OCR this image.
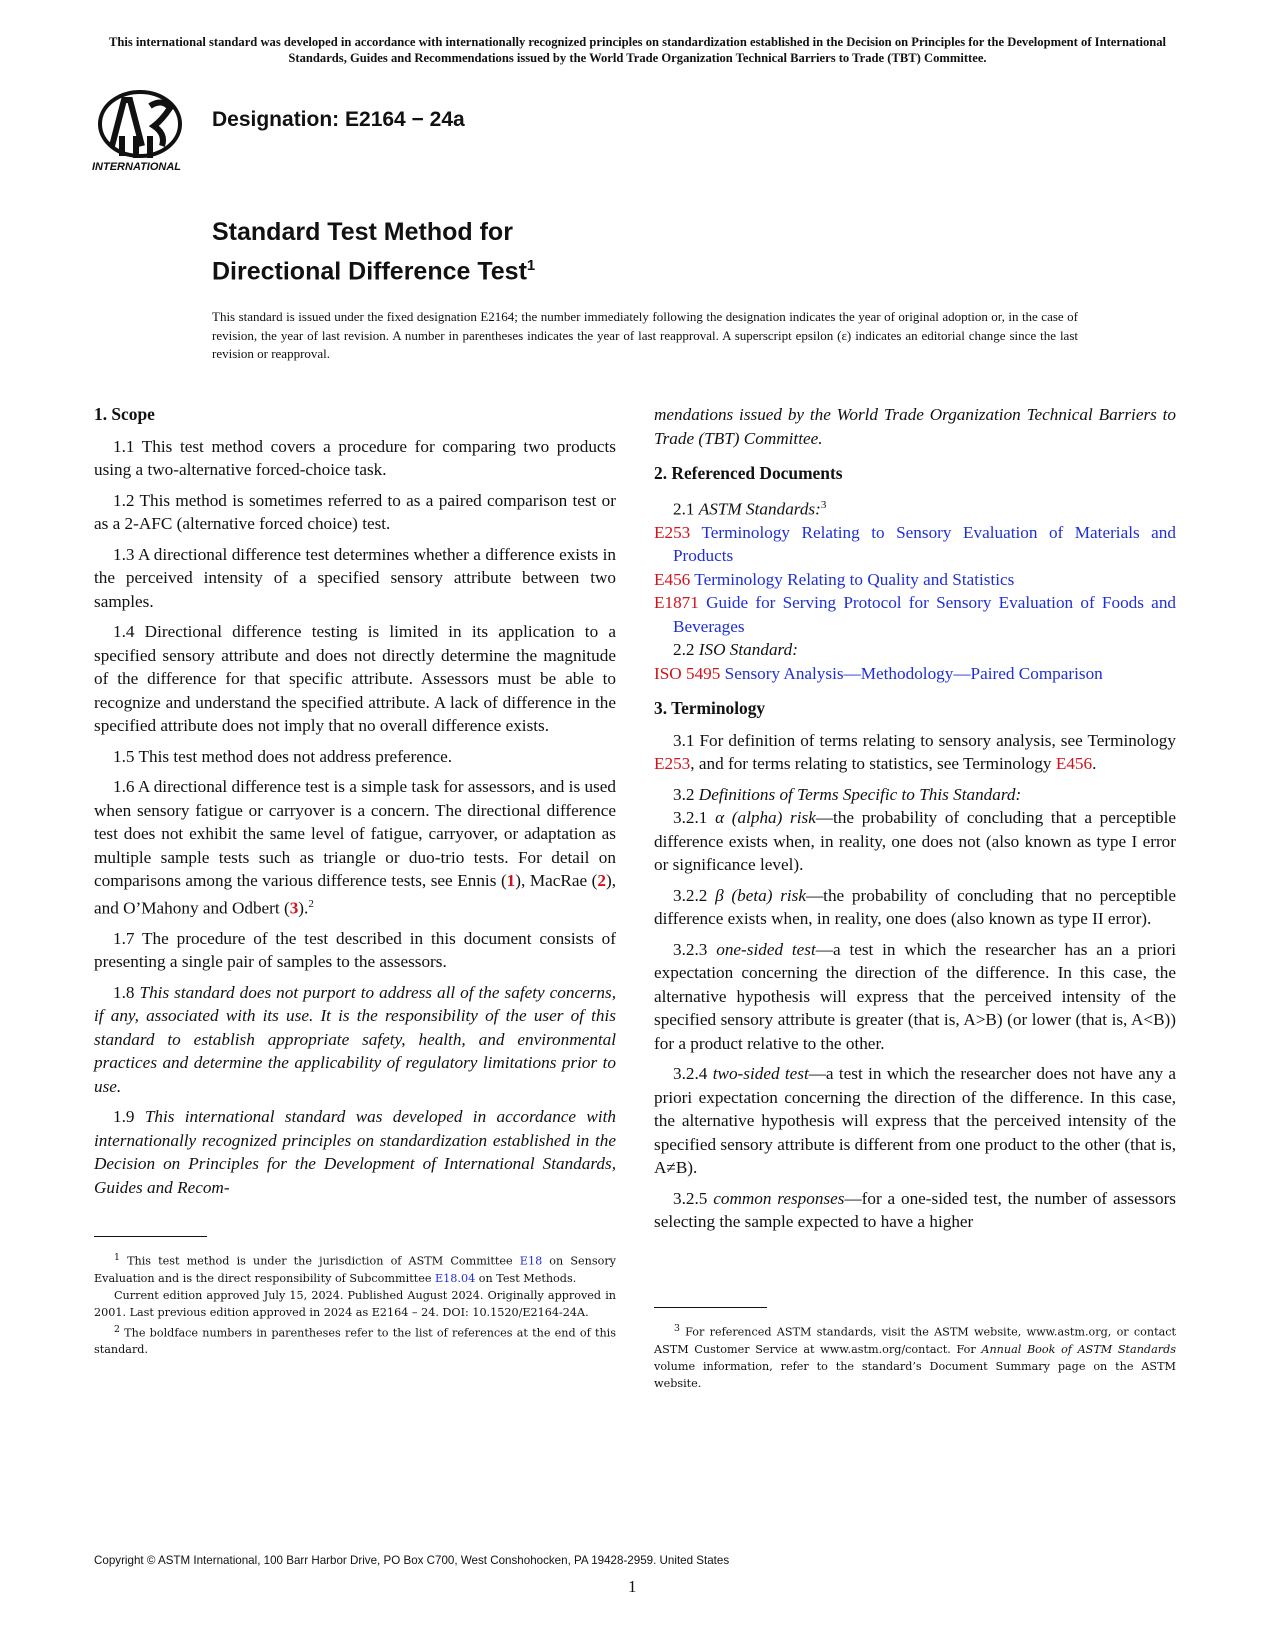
This international standard was developed in accordance with internationally recognized principles on standardization established in the Decision on Principles for the Development of International Standards, Guides and Recommendations issued by the World Trade Organization Technical Barriers to Trade (TBT) Committee.
INTERNATIONAL
Designation: E2164 − 24a
Standard Test Method for
Directional Difference Test$^1$
This standard is issued under the fixed designation E2164; the number immediately following the designation indicates the year of original adoption or, in the case of revision, the year of last revision. A number in parentheses indicates the year of last reapproval. A superscript epsilon (ε) indicates an editorial change since the last revision or reapproval.
1. Scope

1.1 This test method covers a procedure for comparing two products using a two-alternative forced-choice task.

1.2 This method is sometimes referred to as a paired comparison test or as a 2-AFC (alternative forced choice) test.

1.3 A directional difference test determines whether a difference exists in the perceived intensity of a specified sensory attribute between two samples.

1.4 Directional difference testing is limited in its application to a specified sensory attribute and does not directly determine the magnitude of the difference for that specific attribute. Assessors must be able to recognize and understand the specified attribute. A lack of difference in the specified attribute does not imply that no overall difference exists.

1.5 This test method does not address preference.

1.6 A directional difference test is a simple task for assessors, and is used when sensory fatigue or carryover is a concern. The directional difference test does not exhibit the same level of fatigue, carryover, or adaptation as multiple sample tests such as triangle or duo-trio tests. For detail on comparisons among the various difference tests, see Ennis (1), MacRae (2), and O’Mahony and Odbert (3).$^2$

1.7 The procedure of the test described in this document consists of presenting a single pair of samples to the assessors.

1.8 This standard does not purport to address all of the safety concerns, if any, associated with its use. It is the responsibility of the user of this standard to establish appropriate safety, health, and environmental practices and determine the applicability of regulatory limitations prior to use.

1.9 This international standard was developed in accordance with internationally recognized principles on standardization established in the Decision on Principles for the Development of International Standards, Guides and Recom-

$^1$ This test method is under the jurisdiction of ASTM Committee E18 on Sensory Evaluation and is the direct responsibility of Subcommittee E18.04 on Test Methods.

Current edition approved July 15, 2024. Published August 2024. Originally approved in 2001. Last previous edition approved in 2024 as E2164 – 24. DOI: 10.1520/E2164-24A.

$^2$ The boldface numbers in parentheses refer to the list of references at the end of this standard.

mendations issued by the World Trade Organization Technical Barriers to Trade (TBT) Committee.

2. Referenced Documents

2.1 ASTM Standards:$^3$

E253 Terminology Relating to Sensory Evaluation of Materials and Products

E456 Terminology Relating to Quality and Statistics

E1871 Guide for Serving Protocol for Sensory Evaluation of Foods and Beverages

2.2 ISO Standard:

ISO 5495 Sensory Analysis—Methodology—Paired Comparison

3. Terminology

3.1 For definition of terms relating to sensory analysis, see Terminology E253, and for terms relating to statistics, see Terminology E456.

3.2 Definitions of Terms Specific to This Standard:

3.2.1 α (alpha) risk—the probability of concluding that a perceptible difference exists when, in reality, one does not (also known as type I error or significance level).

3.2.2 β (beta) risk—the probability of concluding that no perceptible difference exists when, in reality, one does (also known as type II error).

3.2.3 one-sided test—a test in which the researcher has an a priori expectation concerning the direction of the difference. In this case, the alternative hypothesis will express that the perceived intensity of the specified sensory attribute is greater (that is, A>B) (or lower (that is, A<B)) for a product relative to the other.

3.2.4 two-sided test—a test in which the researcher does not have any a priori expectation concerning the direction of the difference. In this case, the alternative hypothesis will express that the perceived intensity of the specified sensory attribute is different from one product to the other (that is, A≠B).

3.2.5 common responses—for a one-sided test, the number of assessors selecting the sample expected to have a higher

$^3$ For referenced ASTM standards, visit the ASTM website, www.astm.org, or contact ASTM Customer Service at www.astm.org/contact. For Annual Book of ASTM Standards volume information, refer to the standard’s Document Summary page on the ASTM website.

Copyright © ASTM International, 100 Barr Harbor Drive, PO Box C700, West Conshohocken, PA 19428-2959. United States
1
